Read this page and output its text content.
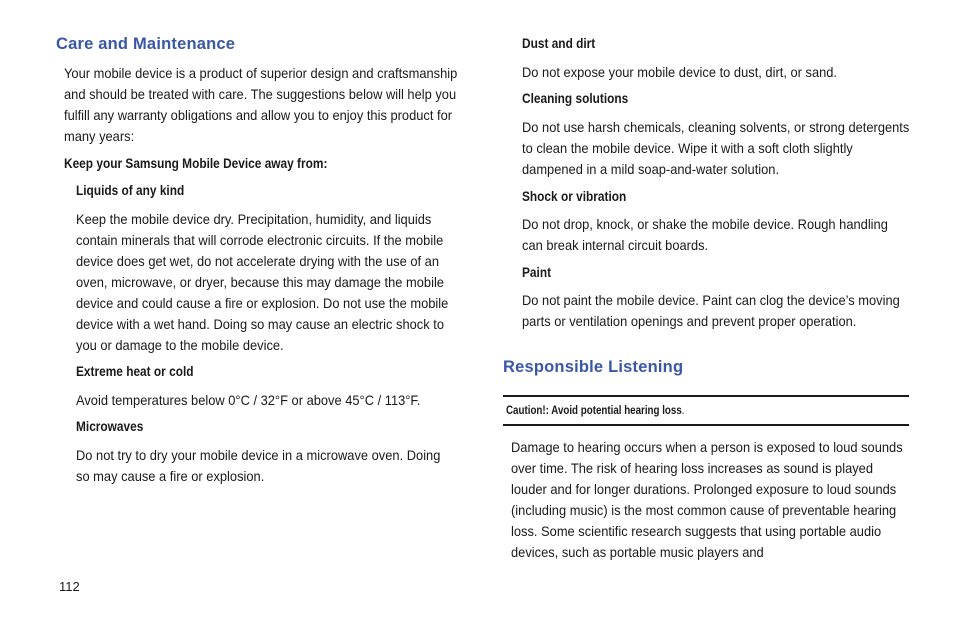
Care and Maintenance

Your mobile device is a product of superior design and craftsmanship and should be treated with care. The suggestions below will help you fulfill any warranty obligations and allow you to enjoy this product for many years:

Keep your Samsung Mobile Device away from:

Liquids of any kind

Keep the mobile device dry. Precipitation, humidity, and liquids contain minerals that will corrode electronic circuits. If the mobile device does get wet, do not accelerate drying with the use of an oven, microwave, or dryer, because this may damage the mobile device and could cause a fire or explosion. Do not use the mobile device with a wet hand. Doing so may cause an electric shock to you or damage to the mobile device.

Extreme heat or cold

Avoid temperatures below 0°C / 32°F or above 45°C / 113°F.

Microwaves

Do not try to dry your mobile device in a microwave oven. Doing so may cause a fire or explosion.

112

Dust and dirt

Do not expose your mobile device to dust, dirt, or sand.

Cleaning solutions

Do not use harsh chemicals, cleaning solvents, or strong detergents to clean the mobile device. Wipe it with a soft cloth slightly dampened in a mild soap-and-water solution.

Shock or vibration

Do not drop, knock, or shake the mobile device. Rough handling can break internal circuit boards.

Paint

Do not paint the mobile device. Paint can clog the device’s moving parts or ventilation openings and prevent proper operation.

Responsible Listening

Caution!: Avoid potential hearing loss.

Damage to hearing occurs when a person is exposed to loud sounds over time. The risk of hearing loss increases as sound is played louder and for longer durations. Prolonged exposure to loud sounds (including music) is the most common cause of preventable hearing loss. Some scientific research suggests that using portable audio devices, such as portable music players and
